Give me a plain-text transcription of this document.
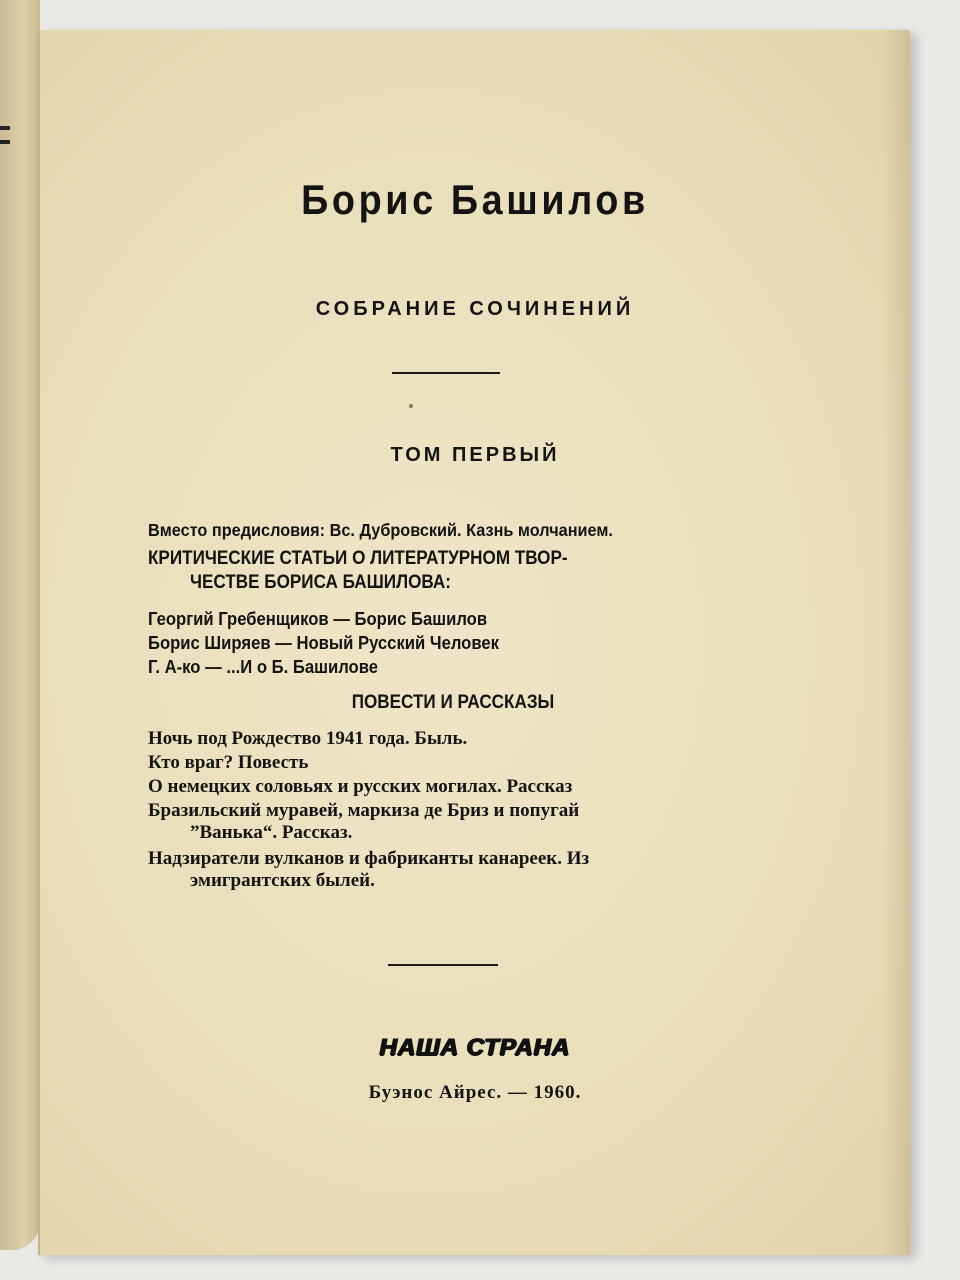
Борис Башилов
СОБРАНИЕ СОЧИНЕНИЙ
ТОМ ПЕРВЫЙ
Вместо предисловия: Вс. Дубровский. Казнь молчанием.
КРИТИЧЕСКИЕ СТАТЬИ О ЛИТЕРАТУРНОМ ТВОР-
ЧЕСТВЕ БОРИСА БАШИЛОВА:
Георгий Гребенщиков — Борис Башилов
Борис Ширяев — Новый Русский Человек
Г. А-ко — ...И о Б. Башилове
ПОВЕСТИ И РАССКАЗЫ
Ночь под Рождество 1941 года. Быль.
Кто враг? Повесть
О немецких соловьях и русских могилах. Рассказ
Бразильский муравей, маркиза де Бриз и попугай
”Ванька“. Рассказ.
Надзиратели вулканов и фабриканты канареек. Из
эмигрантских былей.
НАША СТРАНА
Буэнос Айрес. — 1960.
